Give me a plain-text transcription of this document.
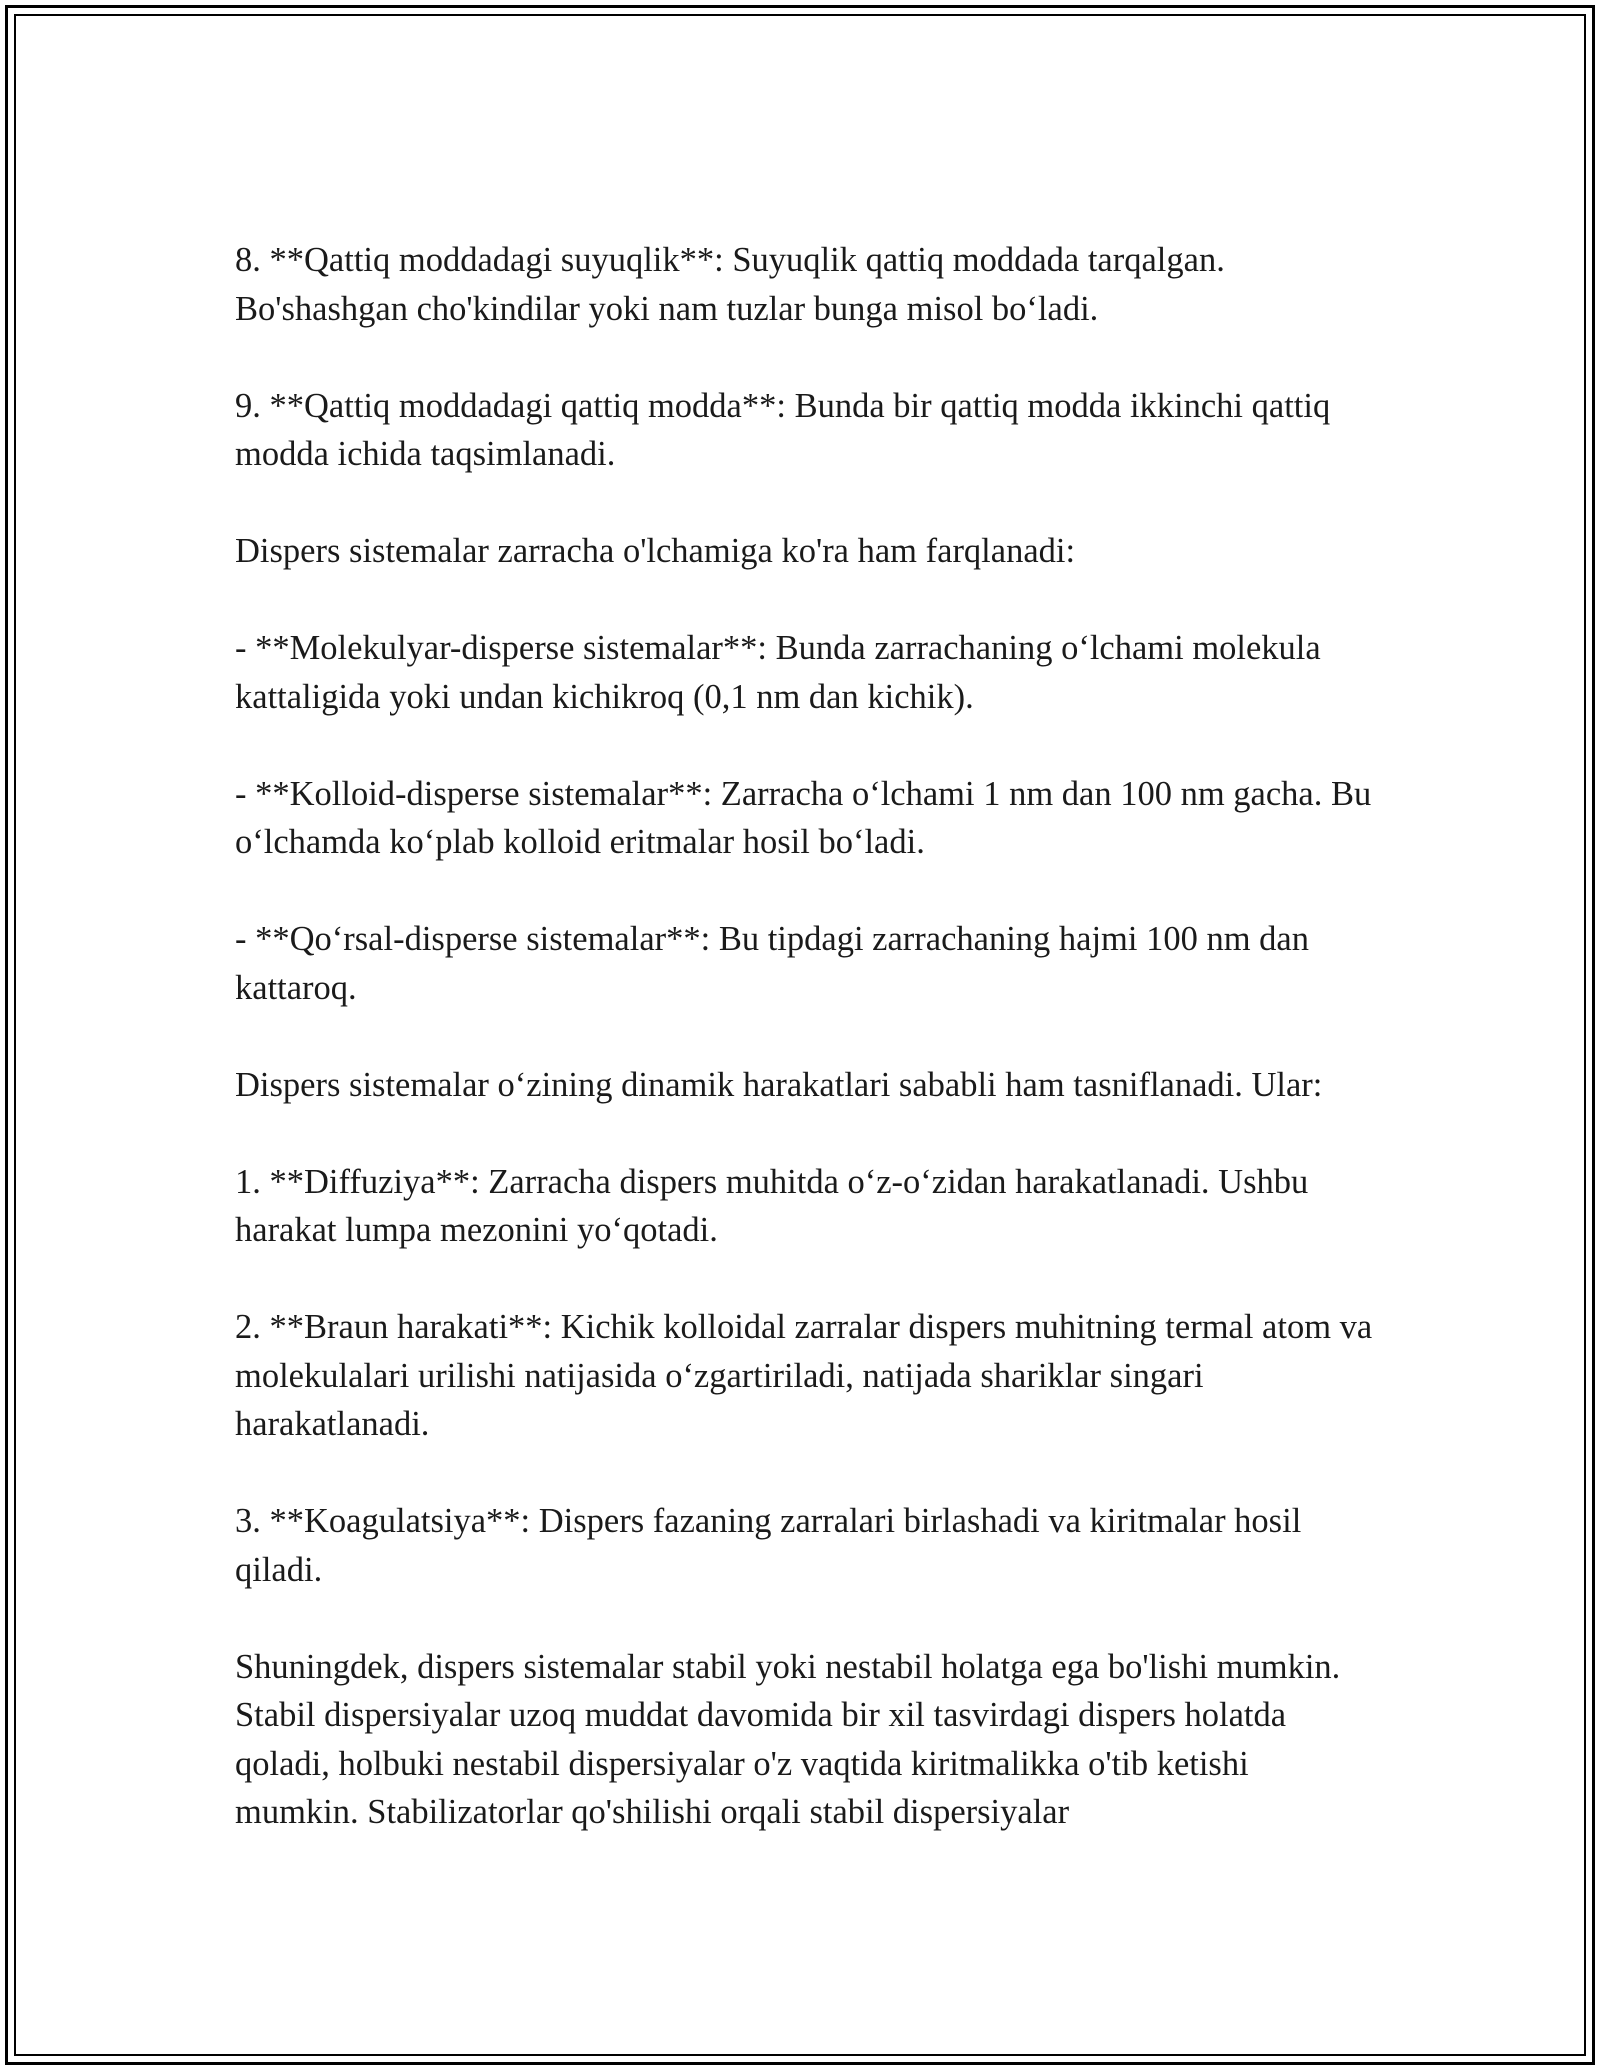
8. **Qattiq moddadagi suyuqlik**: Suyuqlik qattiq moddada tarqalgan. Bo'shashgan cho'kindilar yoki nam tuzlar bunga misol bo‘ladi.

9. **Qattiq moddadagi qattiq modda**: Bunda bir qattiq modda ikkinchi qattiq modda ichida taqsimlanadi.

Dispers sistemalar zarracha o'lchamiga ko'ra ham farqlanadi:

- **Molekulyar-disperse sistemalar**: Bunda zarrachaning o‘lchami molekula kattaligida yoki undan kichikroq (0,1 nm dan kichik).

- **Kolloid-disperse sistemalar**: Zarracha o‘lchami 1 nm dan 100 nm gacha. Bu o‘lchamda ko‘plab kolloid eritmalar hosil bo‘ladi.

- **Qo‘rsal-disperse sistemalar**: Bu tipdagi zarrachaning hajmi 100 nm dan kattaroq.

Dispers sistemalar o‘zining dinamik harakatlari sababli ham tasniflanadi. Ular:

1. **Diffuziya**: Zarracha dispers muhitda o‘z-o‘zidan harakatlanadi. Ushbu harakat lumpa mezonini yo‘qotadi.

2. **Braun harakati**: Kichik kolloidal zarralar dispers muhitning termal atom va molekulalari urilishi natijasida o‘zgartiriladi, natijada shariklar singari harakatlanadi.

3. **Koagulatsiya**: Dispers fazaning zarralari birlashadi va kiritmalar hosil qiladi.

Shuningdek, dispers sistemalar stabil yoki nestabil holatga ega bo'lishi mumkin. Stabil dispersiyalar uzoq muddat davomida bir xil tasvirdagi dispers holatda qoladi, holbuki nestabil dispersiyalar o'z vaqtida kiritmalikka o'tib ketishi mumkin. Stabilizatorlar qo'shilishi orqali stabil dispersiyalar
